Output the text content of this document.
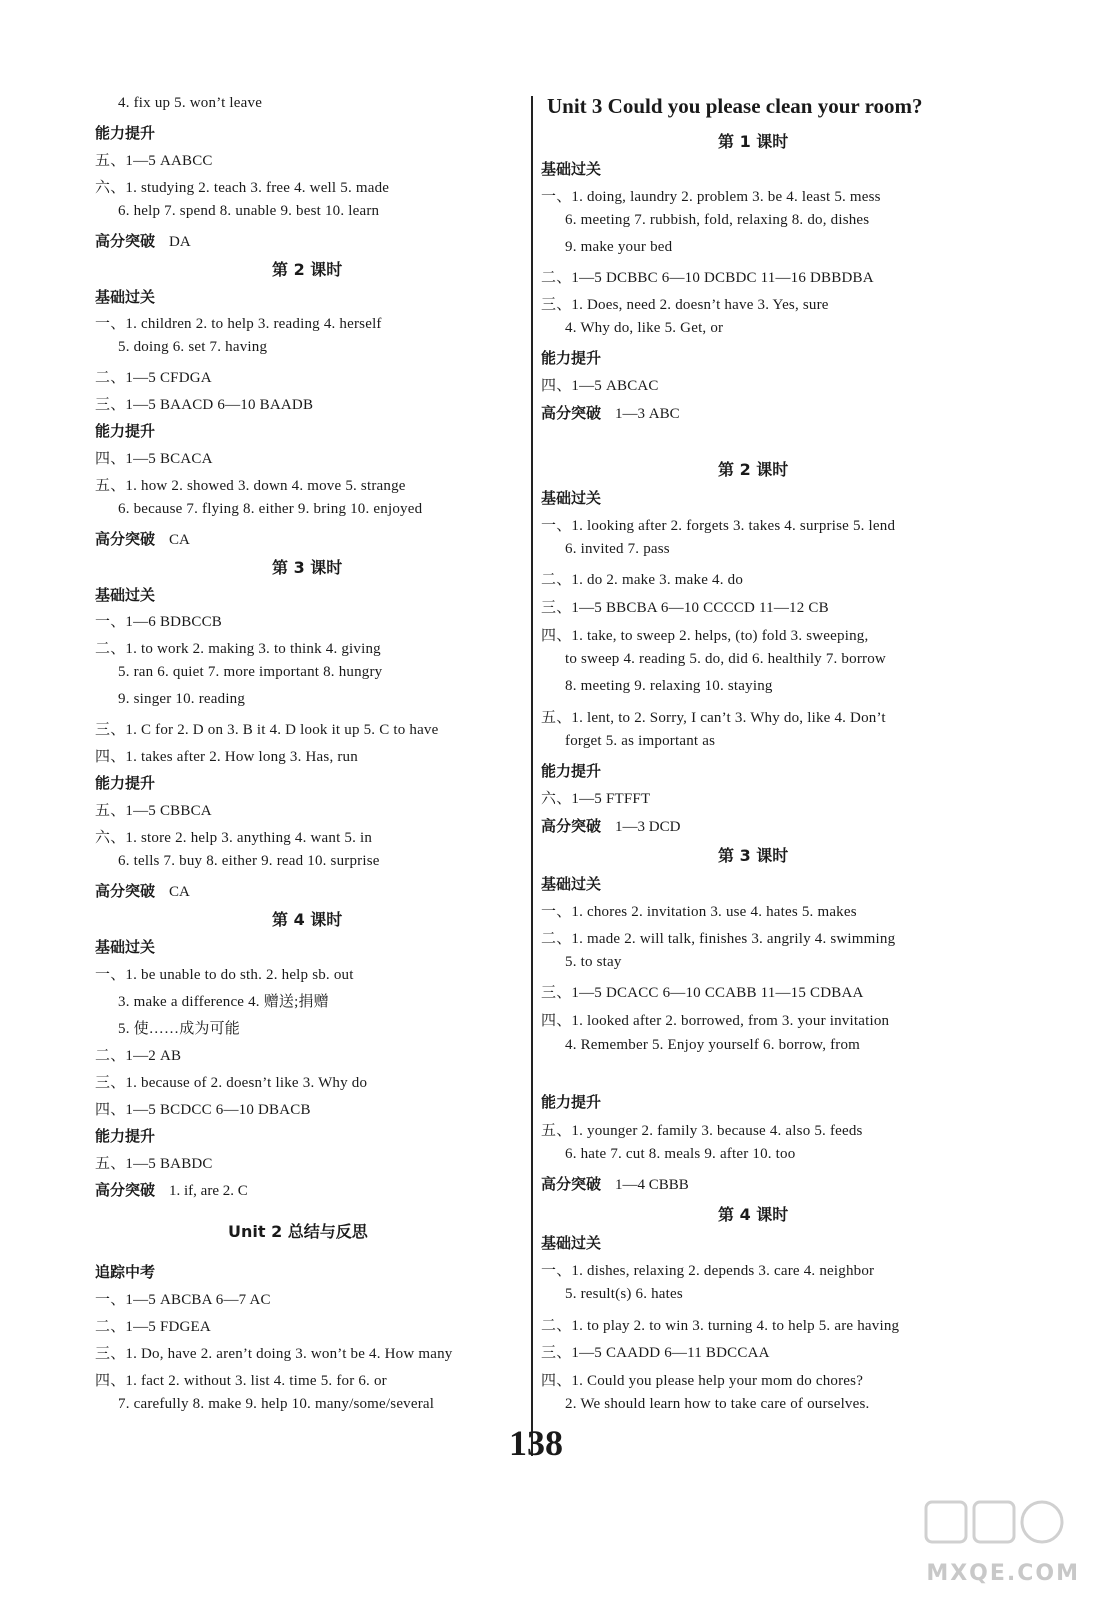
4. fix up 5. won’t leave
能力提升
五、1—5 AABCC
六、1. studying 2. teach 3. free 4. well 5. made
6. help 7. spend 8. unable 9. best 10. learn
高分突破 DA
第 2 课时
基础过关
一、1. children 2. to help 3. reading 4. herself
5. doing 6. set 7. having
二、1—5 CFDGA
三、1—5 BAACD 6—10 BAADB
能力提升
四、1—5 BCACA
五、1. how 2. showed 3. down 4. move 5. strange
6. because 7. flying 8. either 9. bring 10. enjoyed
高分突破 CA
第 3 课时
基础过关
一、1—6 BDBCCB
二、1. to work 2. making 3. to think 4. giving
5. ran 6. quiet 7. more important 8. hungry
9. singer 10. reading
三、1. C for 2. D on 3. B it 4. D look it up 5. C to have
四、1. takes after 2. How long 3. Has, run
能力提升
五、1—5 CBBCA
六、1. store 2. help 3. anything 4. want 5. in
6. tells 7. buy 8. either 9. read 10. surprise
高分突破 CA
第 4 课时
基础过关
一、1. be unable to do sth. 2. help sb. out
3. make a difference 4. 赠送;捐赠
5. 使……成为可能
二、1—2 AB
三、1. because of 2. doesn’t like 3. Why do
四、1—5 BCDCC 6—10 DBACB
能力提升
五、1—5 BABDC
高分突破 1. if, are 2. C
Unit 2 总结与反思
追踪中考
一、1—5 ABCBA 6—7 AC
二、1—5 FDGEA
三、1. Do, have 2. aren’t doing 3. won’t be 4. How many
四、1. fact 2. without 3. list 4. time 5. for 6. or
7. carefully 8. make 9. help 10. many/some/several
Unit 3 Could you please clean your room?
第 1 课时
基础过关
一、1. doing, laundry 2. problem 3. be 4. least 5. mess
6. meeting 7. rubbish, fold, relaxing 8. do, dishes
9. make your bed
二、1—5 DCBBC 6—10 DCBDC 11—16 DBBDBA
三、1. Does, need 2. doesn’t have 3. Yes, sure
4. Why do, like 5. Get, or
能力提升
四、1—5 ABCAC
高分突破 1—3 ABC
第 2 课时
基础过关
一、1. looking after 2. forgets 3. takes 4. surprise 5. lend
6. invited 7. pass
二、1. do 2. make 3. make 4. do
三、1—5 BBCBA 6—10 CCCCD 11—12 CB
四、1. take, to sweep 2. helps, (to) fold 3. sweeping,
to sweep 4. reading 5. do, did 6. healthily 7. borrow
8. meeting 9. relaxing 10. staying
五、1. lent, to 2. Sorry, I can’t 3. Why do, like 4. Don’t
forget 5. as important as
能力提升
六、1—5 FTFFT
高分突破 1—3 DCD
第 3 课时
基础过关
一、1. chores 2. invitation 3. use 4. hates 5. makes
二、1. made 2. will talk, finishes 3. angrily 4. swimming
5. to stay
三、1—5 DCACC 6—10 CCABB 11—15 CDBAA
四、1. looked after 2. borrowed, from 3. your invitation
4. Remember 5. Enjoy yourself 6. borrow, from
能力提升
五、1. younger 2. family 3. because 4. also 5. feeds
6. hate 7. cut 8. meals 9. after 10. too
高分突破 1—4 CBBB
第 4 课时
基础过关
一、1. dishes, relaxing 2. depends 3. care 4. neighbor
5. result(s) 6. hates
二、1. to play 2. to win 3. turning 4. to help 5. are having
三、1—5 CAADD 6—11 BDCCAA
四、1. Could you please help your mom do chores?
2. We should learn how to take care of ourselves.
138
MXQE.COM
